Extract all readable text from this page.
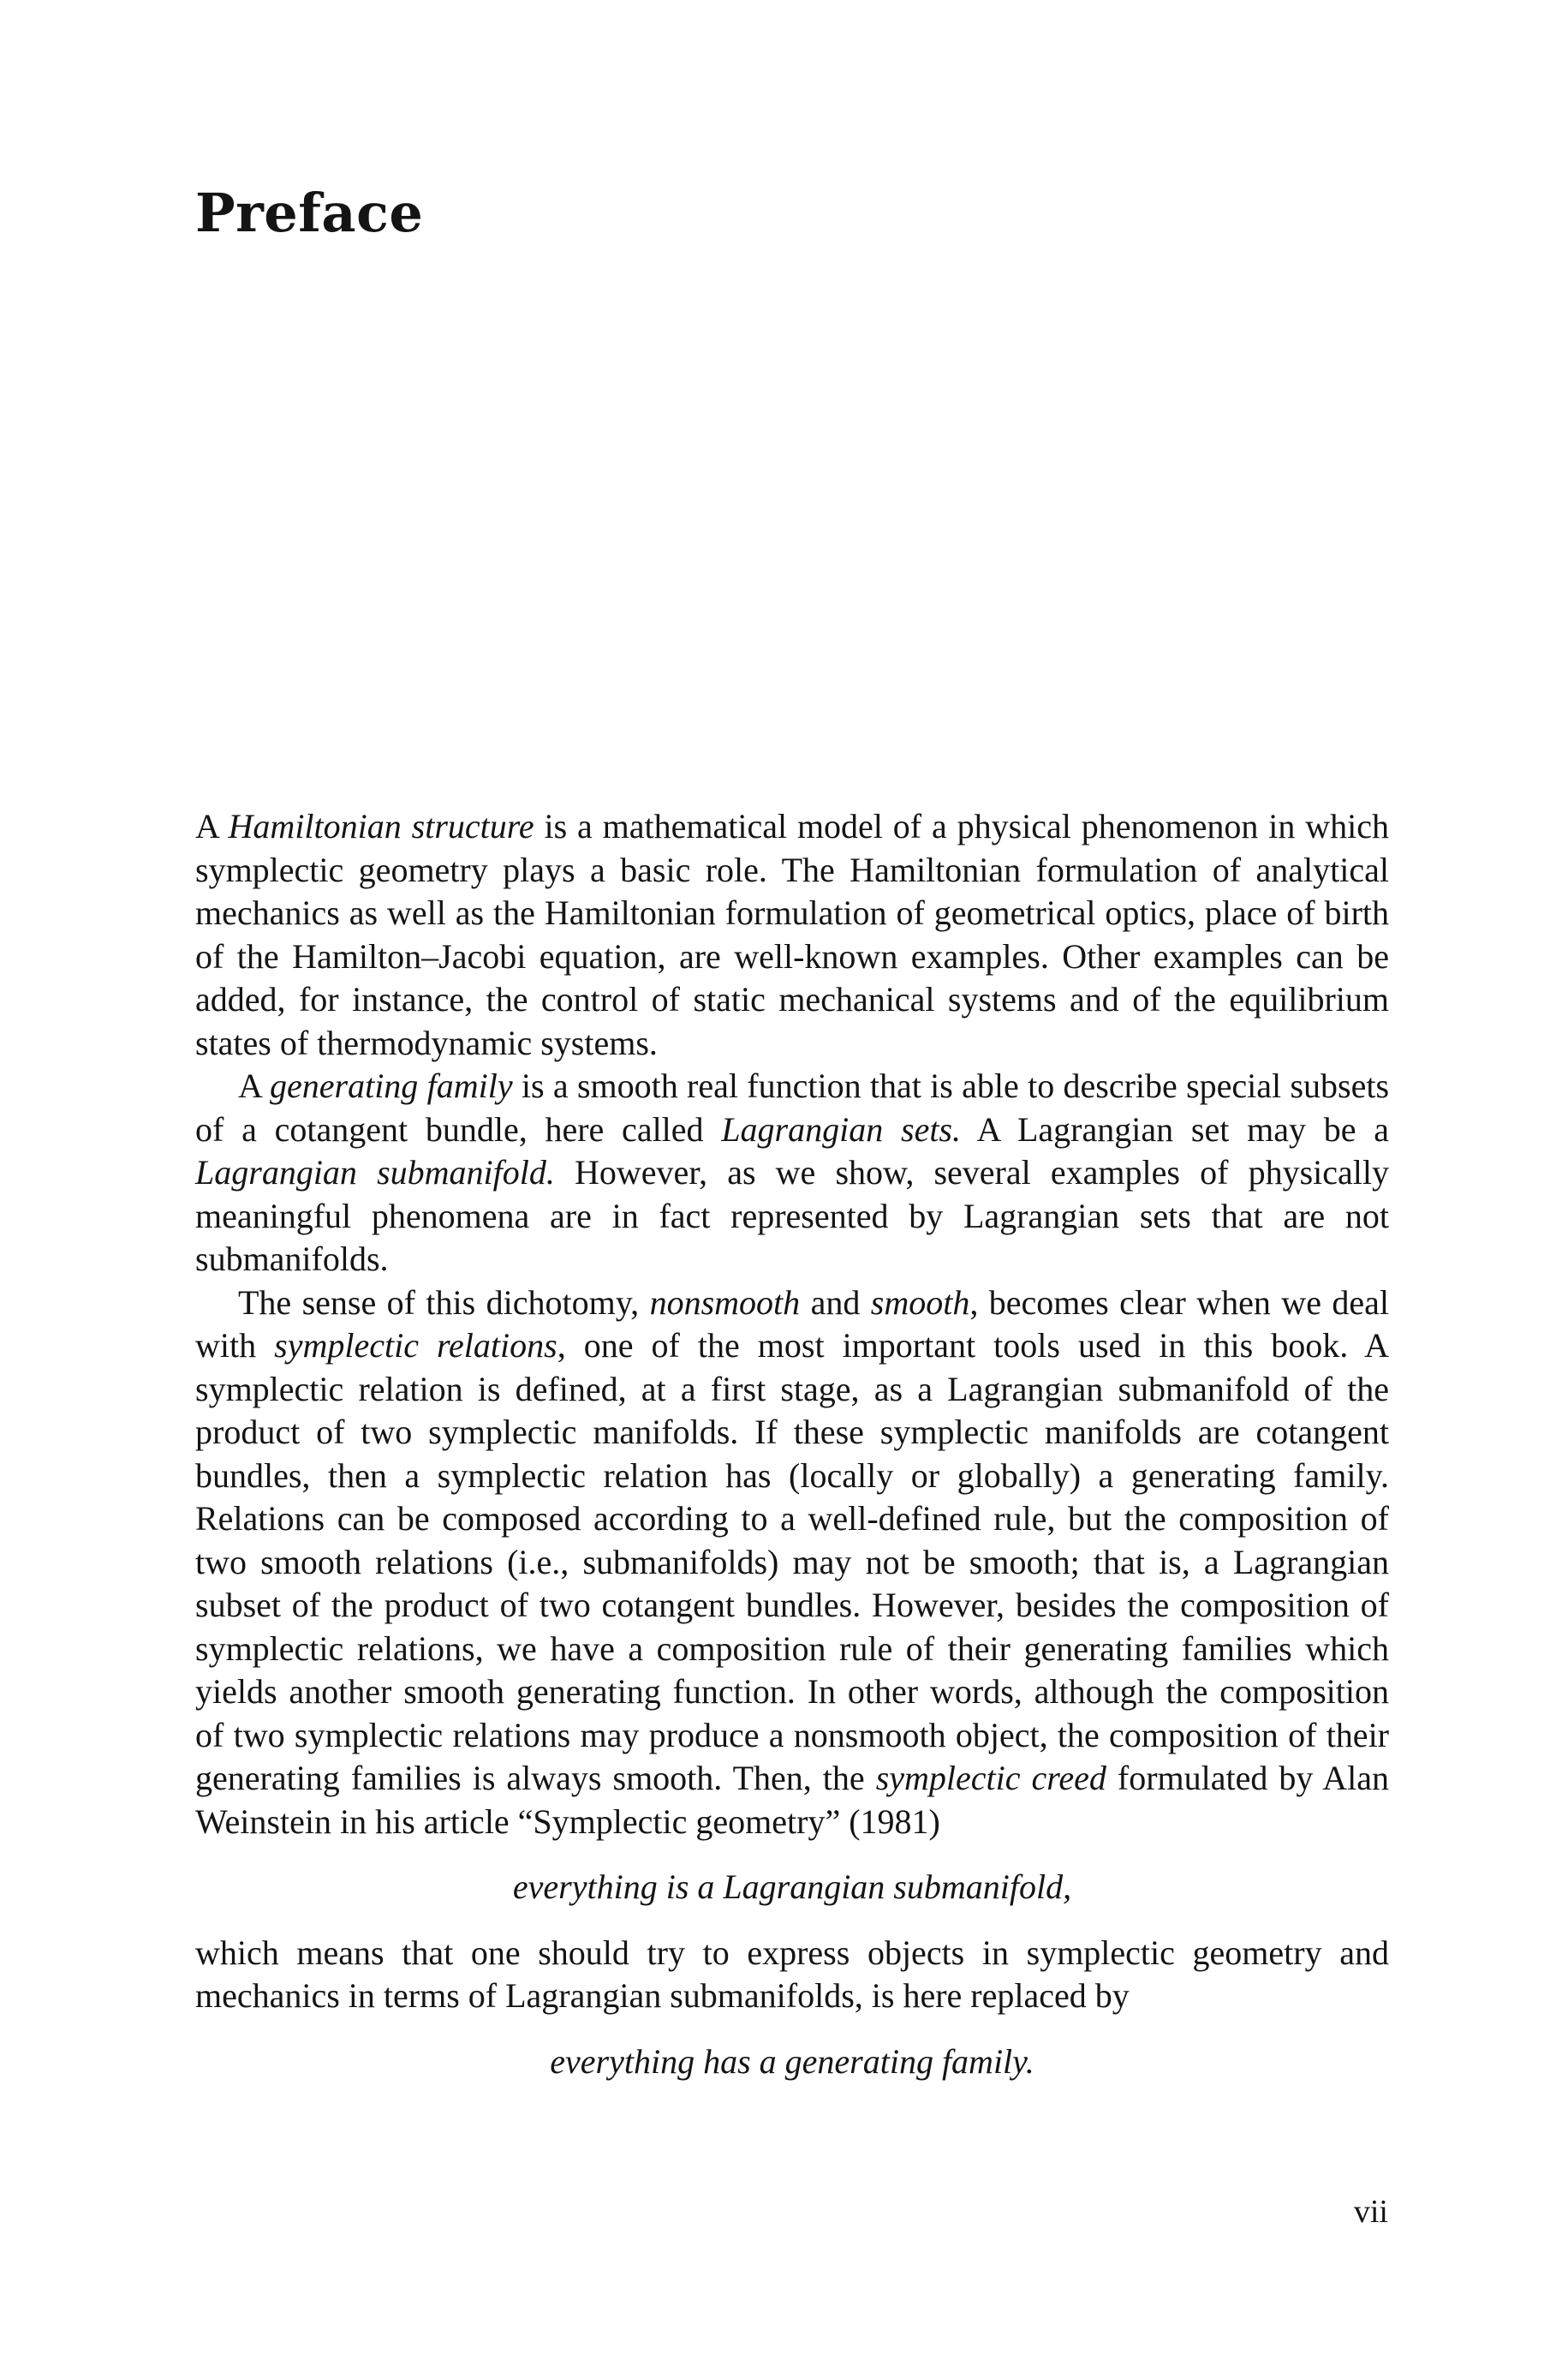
Preface

A Hamiltonian structure is a mathematical model of a physical phenomenon in which symplectic geometry plays a basic role. The Hamiltonian formulation of analytical mechanics as well as the Hamiltonian formulation of geometrical optics, place of birth of the Hamilton–Jacobi equation, are well-known examples. Other examples can be added, for instance, the control of static mechanical systems and of the equilibrium states of thermodynamic systems.

A generating family is a smooth real function that is able to describe special subsets of a cotangent bundle, here called Lagrangian sets. A Lagrangian set may be a Lagrangian submanifold. However, as we show, several examples of physically meaningful phenomena are in fact represented by Lagrangian sets that are not submanifolds.

The sense of this dichotomy, nonsmooth and smooth, becomes clear when we deal with symplectic relations, one of the most important tools used in this book. A symplectic relation is defined, at a first stage, as a Lagrangian submanifold of the product of two symplectic manifolds. If these symplectic manifolds are cotangent bundles, then a symplectic relation has (locally or globally) a generating family. Relations can be composed according to a well-defined rule, but the composition of two smooth relations (i.e., submanifolds) may not be smooth; that is, a Lagrangian subset of the product of two cotangent bundles. However, besides the composition of symplectic relations, we have a composition rule of their generating families which yields another smooth generating function. In other words, although the composition of two symplectic relations may produce a nonsmooth object, the composition of their generating families is always smooth. Then, the symplectic creed formulated by Alan Weinstein in his article “Symplectic geometry” (1981)

everything is a Lagrangian submanifold,

which means that one should try to express objects in symplectic geometry and mechanics in terms of Lagrangian submanifolds, is here replaced by

everything has a generating family.

vii
